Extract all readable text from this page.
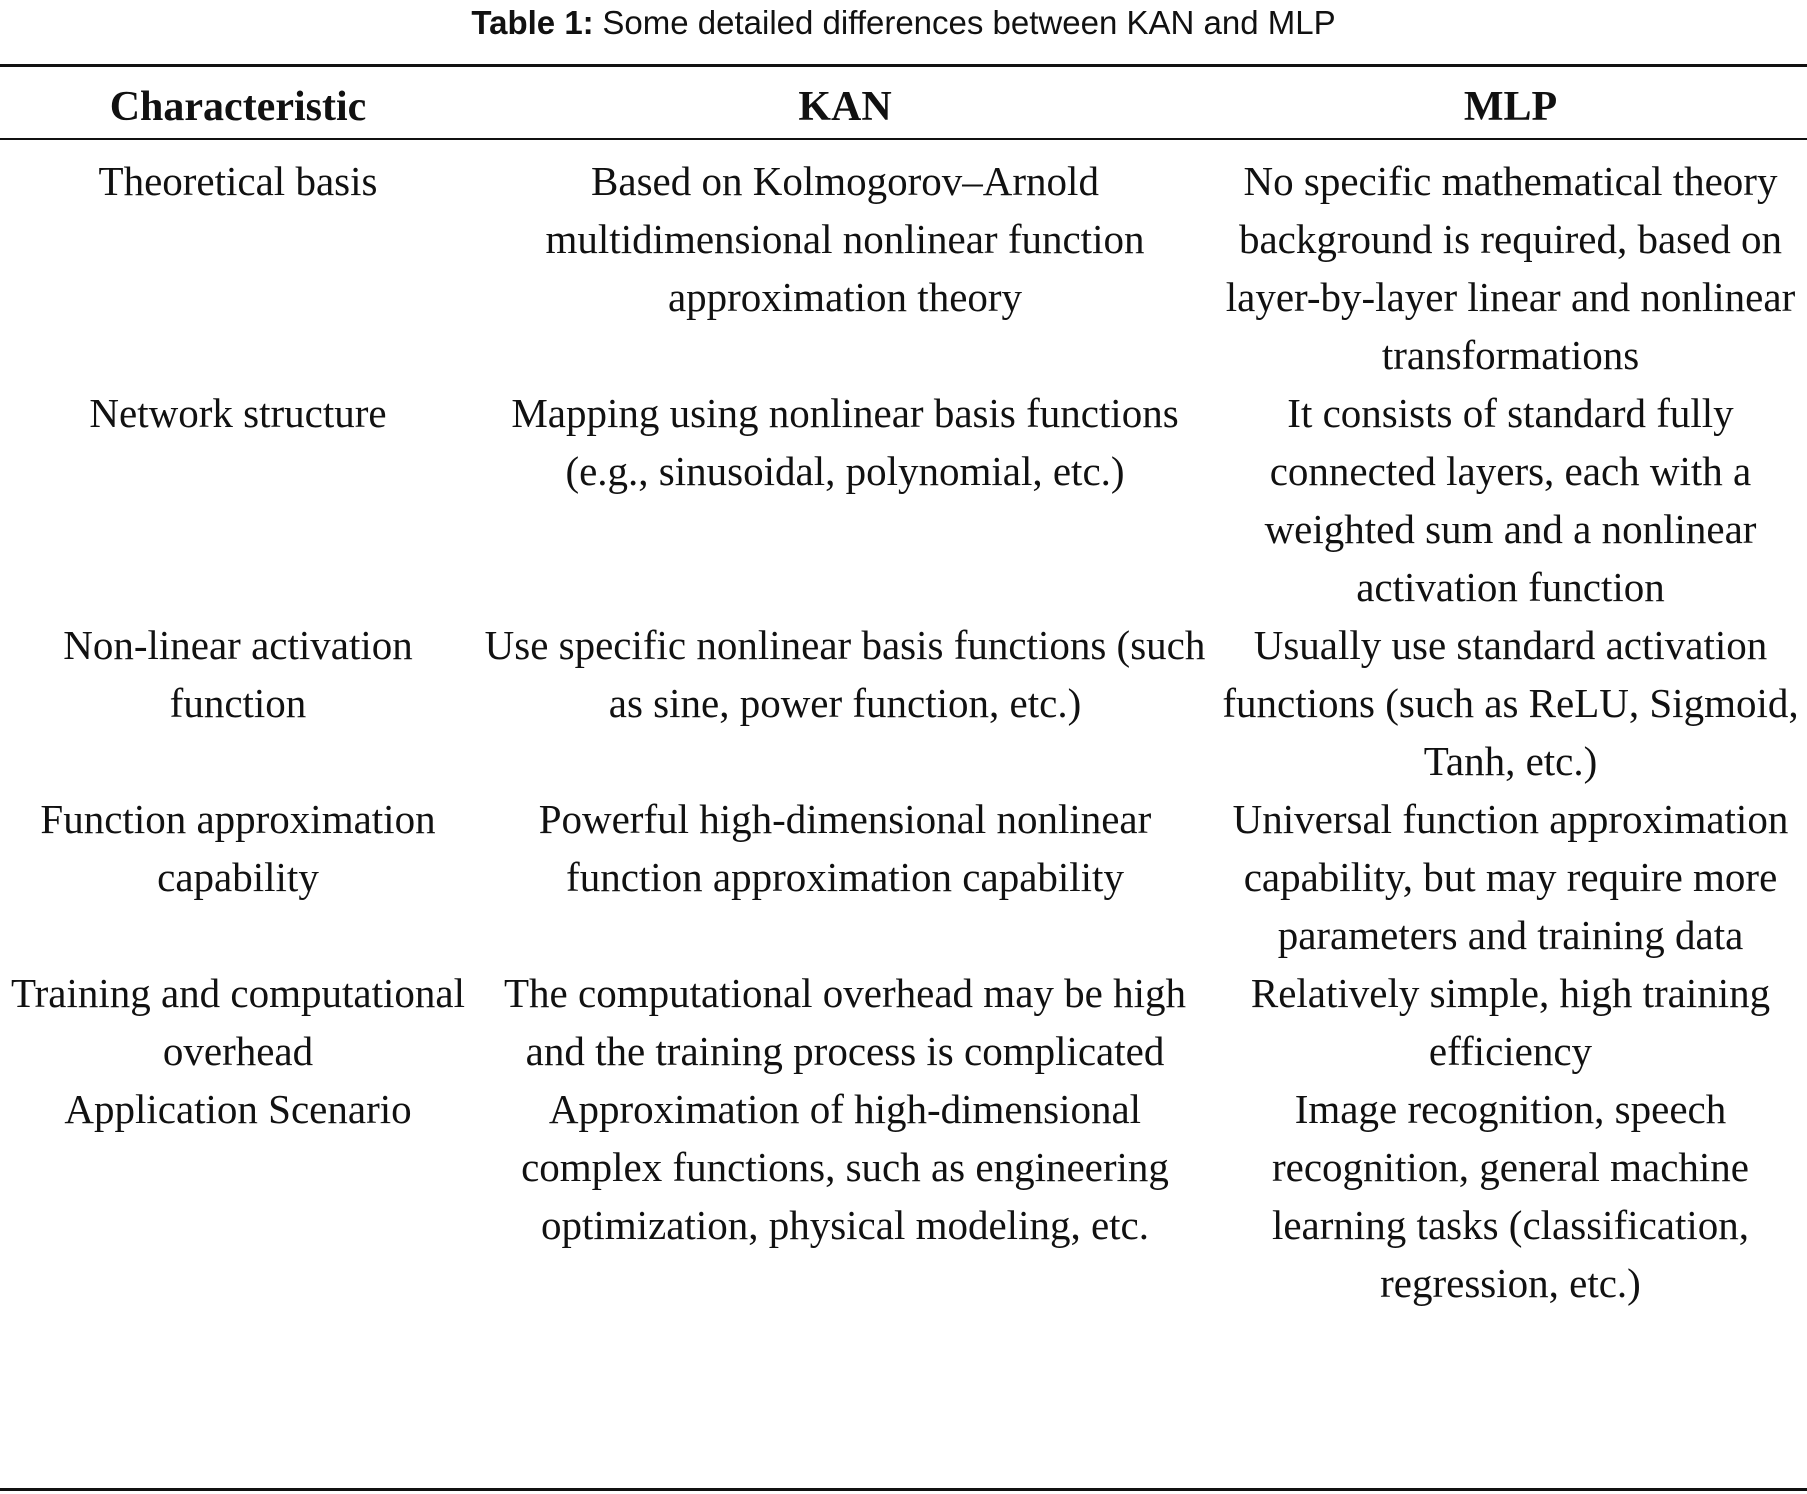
Table 1: Some detailed differences between KAN and MLP
Characteristic	KAN	MLP
Theoretical basis	Based on Kolmogorov–Arnold multidimensional nonlinear function approximation theory	No specific mathematical theory background is required, based on layer-by-layer linear and nonlinear transformations
Network structure	Mapping using nonlinear basis functions (e.g., sinusoidal, polynomial, etc.)	It consists of standard fully connected layers, each with a weighted sum and a nonlinear activation function
Non-linear activation function	Use specific nonlinear basis functions (such as sine, power function, etc.)	Usually use standard activation functions (such as ReLU, Sigmoid, Tanh, etc.)
Function approximation capability	Powerful high-dimensional nonlinear function approximation capability	Universal function approximation capability, but may require more parameters and training data
Training and computational overhead	The computational overhead may be high and the training process is complicated	Relatively simple, high training efficiency
Application Scenario	Approximation of high-dimensional complex functions, such as engineering optimization, physical modeling, etc.	Image recognition, speech recognition, general machine learning tasks (classification, regression, etc.)
